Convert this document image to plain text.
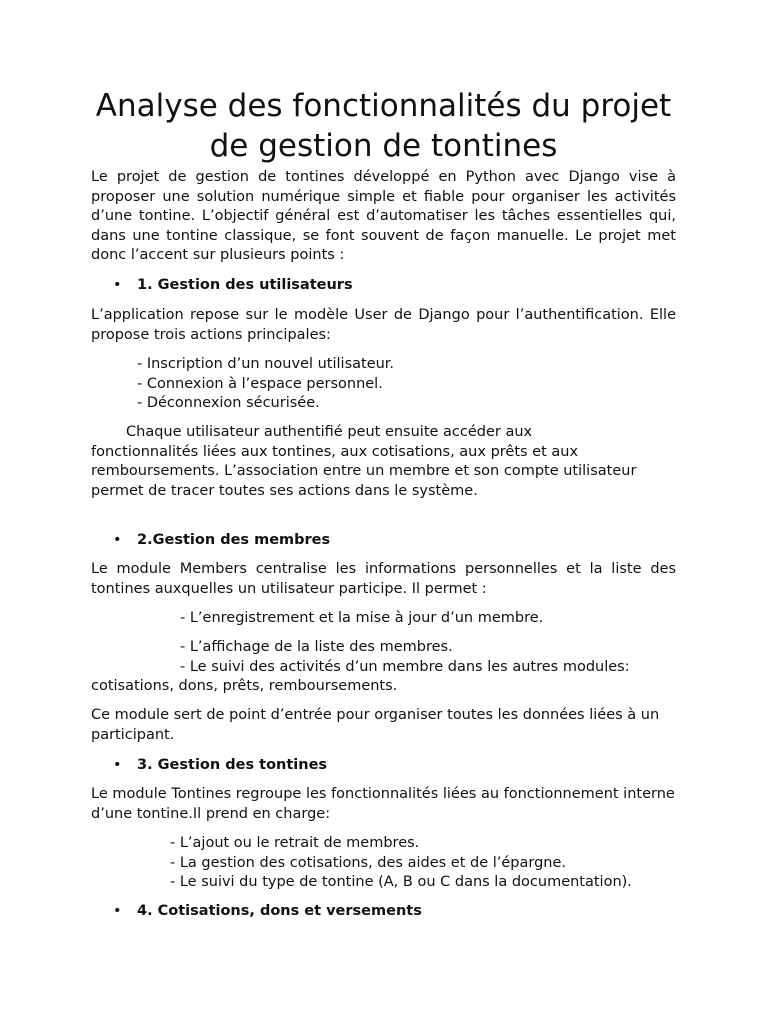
Analyse des fonctionnalités du projet de gestion de tontines

Le projet de gestion de tontines développé en Python avec Django vise à proposer une solution numérique simple et fiable pour organiser les activités d’une tontine. L’objectif général est d’automatiser les tâches essentielles qui, dans une tontine classique, se font souvent de façon manuelle. Le projet met donc l’accent sur plusieurs points :

• 1. Gestion des utilisateurs

L’application repose sur le modèle User de Django pour l’authentification. Elle propose trois actions principales:

- Inscription d’un nouvel utilisateur.
- Connexion à l’espace personnel.
- Déconnexion sécurisée.
Chaque utilisateur authentifié peut ensuite accéder aux
fonctionnalités liées aux tontines, aux cotisations, aux prêts et aux
remboursements. L’association entre un membre et son compte utilisateur
permet de tracer toutes ses actions dans le système.
• 2.Gestion des membres

Le module Members centralise les informations personnelles et la liste des tontines auxquelles un utilisateur participe. Il permet :

- L’enregistrement et la mise à jour d’un membre.
- L’affichage de la liste des membres.
- Le suivi des activités d’un membre dans les autres modules:
cotisations, dons, prêts, remboursements.

Ce module sert de point d’entrée pour organiser toutes les données liées à un participant.

• 3. Gestion des tontines

Le module Tontines regroupe les fonctionnalités liées au fonctionnement interne d’une tontine.Il prend en charge:

- L’ajout ou le retrait de membres.
- La gestion des cotisations, des aides et de l’épargne.
- Le suivi du type de tontine (A, B ou C dans la documentation).
• 4. Cotisations, dons et versements
